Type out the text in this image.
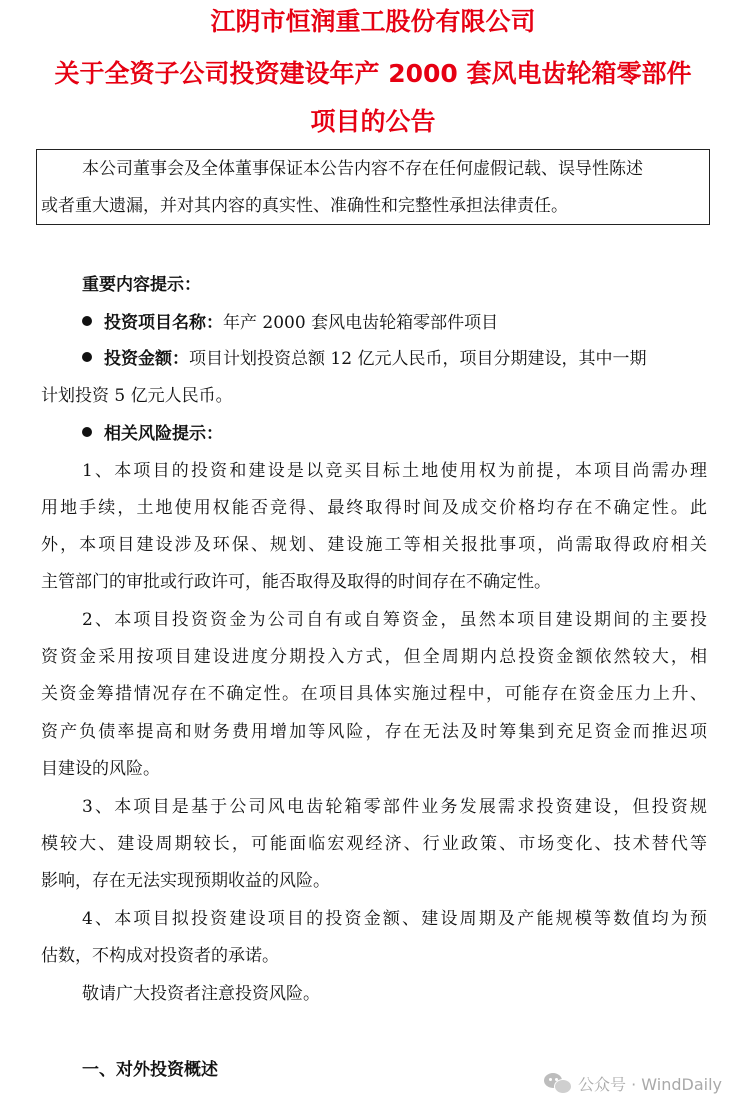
江阴市恒润重工股份有限公司
关于全资子公司投资建设年产 2000 套风电齿轮箱零部件
项目的公告
本公司董事会及全体董事保证本公告内容不存在任何虚假记载、误导性陈述
或者重大遗漏，并对其内容的真实性、准确性和完整性承担法律责任。
重要内容提示：
投资项目名称：年产 2000 套风电齿轮箱零部件项目
投资金额：项目计划投资总额 12 亿元人民币，项目分期建设，其中一期
计划投资 5 亿元人民币。
相关风险提示：
1、本项目的投资和建设是以竞买目标土地使用权为前提，本项目尚需办理
用地手续，土地使用权能否竞得、最终取得时间及成交价格均存在不确定性。此
外，本项目建设涉及环保、规划、建设施工等相关报批事项，尚需取得政府相关
主管部门的审批或行政许可，能否取得及取得的时间存在不确定性。
2、本项目投资资金为公司自有或自筹资金，虽然本项目建设期间的主要投
资资金采用按项目建设进度分期投入方式，但全周期内总投资金额依然较大，相
关资金筹措情况存在不确定性。在项目具体实施过程中，可能存在资金压力上升、
资产负债率提高和财务费用增加等风险，存在无法及时筹集到充足资金而推迟项
目建设的风险。
3、本项目是基于公司风电齿轮箱零部件业务发展需求投资建设，但投资规
模较大、建设周期较长，可能面临宏观经济、行业政策、市场变化、技术替代等
影响，存在无法实现预期收益的风险。
4、本项目拟投资建设项目的投资金额、建设周期及产能规模等数值均为预
估数，不构成对投资者的承诺。
敬请广大投资者注意投资风险。
一、对外投资概述
公众号 · WindDaily
